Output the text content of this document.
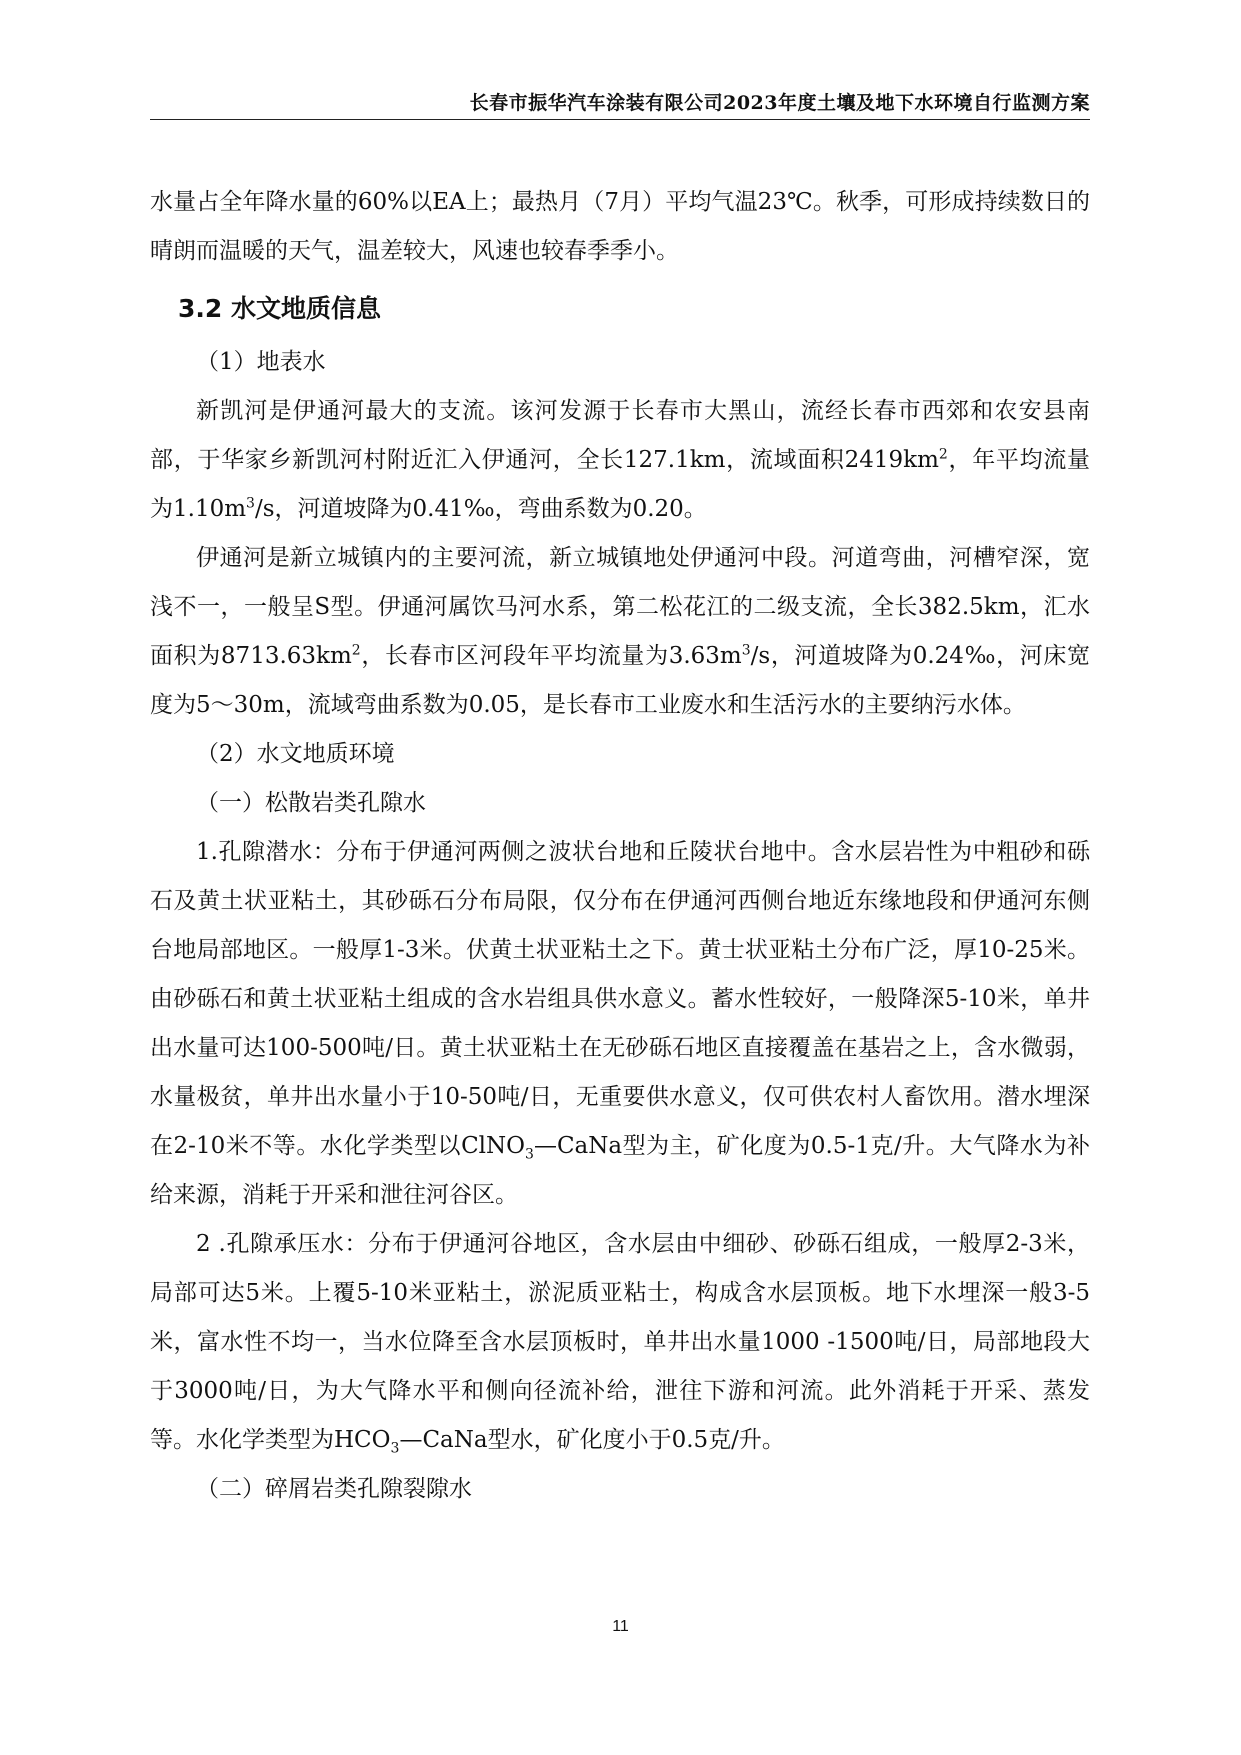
长春市振华汽车涂装有限公司2023年度土壤及地下水环境自行监测方案

水量占全年降水量的60%以EA上；最热月（7月）平均气温23℃。秋季，可形成持续数日的晴朗而温暖的天气，温差较大，风速也较春季季小。

3.2 水文地质信息

（1）地表水

新凯河是伊通河最大的支流。该河发源于长春市大黑山，流经长春市西郊和农安县南部，于华家乡新凯河村附近汇入伊通河，全长127.1km，流域面积$2419km^2$，年平均流量为$1.10m^3/s$，河道坡降为0.41‰，弯曲系数为0.20。

伊通河是新立城镇内的主要河流，新立城镇地处伊通河中段。河道弯曲，河槽窄深，宽浅不一，一般呈S型。伊通河属饮马河水系，第二松花江的二级支流，全长382.5km，汇水面积为$8713.63km^2$，长春市区河段年平均流量为$3.63m^3/s$，河道坡降为0.24‰，河床宽度为5～30m，流域弯曲系数为0.05，是长春市工业废水和生活污水的主要纳污水体。

（2）水文地质环境

（一）松散岩类孔隙水

1.孔隙潜水：分布于伊通河两侧之波状台地和丘陵状台地中。含水层岩性为中粗砂和砾石及黄土状亚粘土，其砂砾石分布局限，仅分布在伊通河西侧台地近东缘地段和伊通河东侧台地局部地区。一般厚1-3米。伏黄土状亚粘土之下。黄士状亚粘土分布广泛，厚10-25米。由砂砾石和黄土状亚粘土组成的含水岩组具供水意义。蓄水性较好，一般降深5-10米，单井出水量可达100-500吨/日。黄土状亚粘土在无砂砾石地区直接覆盖在基岩之上，含水微弱，水量极贫，单井出水量小于10-50吨/日，无重要供水意义，仅可供农村人畜饮用。潜水埋深在2-10米不等。水化学类型以ClNO$_3$—CaNa型为主，矿化度为0.5-1克/升。大气降水为补给来源，消耗于开采和泄往河谷区。

2 .孔隙承压水：分布于伊通河谷地区，含水层由中细砂、砂砾石组成，一般厚2-3米，局部可达5米。上覆5-10米亚粘土，淤泥质亚粘士，构成含水层顶板。地下水埋深一般3-5米，富水性不均一，当水位降至含水层顶板时，单井出水量1000 -1500吨/日，局部地段大于3000吨/日，为大气降水平和侧向径流补给，泄往下游和河流。此外消耗于开采、蒸发等。水化学类型为$HCO_3—CaNa$型水，矿化度小于0.5克/升。

（二）碎屑岩类孔隙裂隙水

11
